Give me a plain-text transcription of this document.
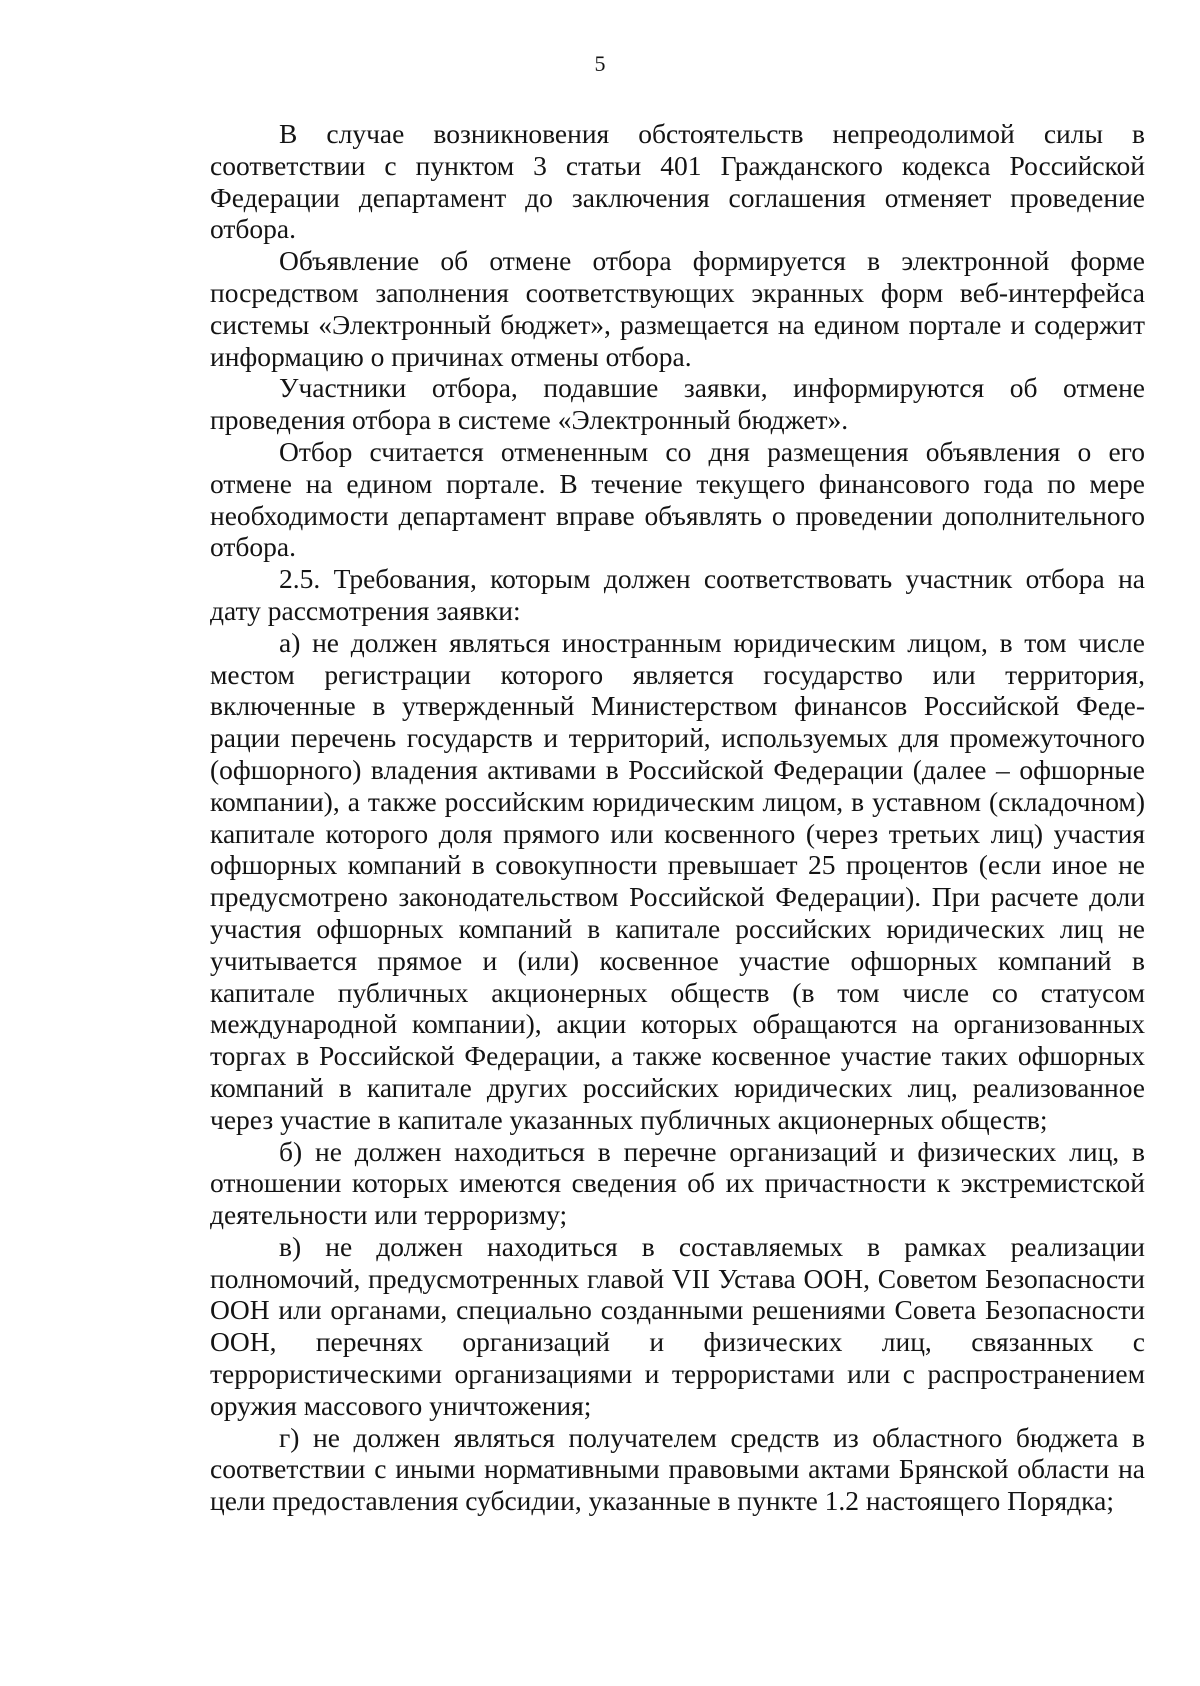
5

В случае возникновения обстоятельств непреодолимой силы в соответствии с пунктом 3 статьи 401 Гражданского кодекса Российской Федерации департамент до заключения соглашения отменяет проведение отбора.

Объявление об отмене отбора формируется в электронной форме посредством заполнения соответствующих экранных форм веб-интерфейса системы «Электронный бюджет», размещается на едином портале и содержит информацию о причинах отмены отбора.

Участники отбора, подавшие заявки, информируются об отмене проведения отбора в системе «Электронный бюджет».

Отбор считается отмененным со дня размещения объявления о его отмене на едином портале. В течение текущего финансового года по мере необходимости департамент вправе объявлять о проведении дополнительного отбора.

2.5. Требования, которым должен соответствовать участник отбора на дату рассмотрения заявки:

а) не должен являться иностранным юридическим лицом, в том числе местом регистрации которого является государство или территория, включенные в утвержденный Министерством финансов Российской Федерации перечень государств и территорий, используемых для промежуточного (офшорного) владения активами в Российской Федерации (далее – офшорные компании), а также российским юридическим лицом, в уставном (складочном) капитале которого доля прямого или косвенного (через третьих лиц) участия офшорных компаний в совокупности превышает 25 процентов (если иное не предусмотрено законодательством Российской Федерации). При расчете доли участия офшорных компаний в капитале российских юридических лиц не учитывается прямое и (или) косвенное участие офшорных компаний в капитале публичных акционерных обществ (в том числе со статусом международной компании), акции которых обращаются на организованных торгах в Российской Федерации, а также косвенное участие таких офшорных компаний в капитале других российских юридических лиц, реализованное через участие в капитале указанных публичных акционерных обществ;

б) не должен находиться в перечне организаций и физических лиц, в отношении которых имеются сведения об их причастности к экстремистской деятельности или терроризму;

в) не должен находиться в составляемых в рамках реализации полномочий, предусмотренных главой VII Устава ООН, Советом Безопасности ООН или органами, специально созданными решениями Совета Безопасности ООН, перечнях организаций и физических лиц, связанных с террористическими организациями и террористами или с распространением оружия массового уничтожения;

г) не должен являться получателем средств из областного бюджета в соответствии с иными нормативными правовыми актами Брянской области на цели предоставления субсидии, указанные в пункте 1.2 настоящего Порядка;
